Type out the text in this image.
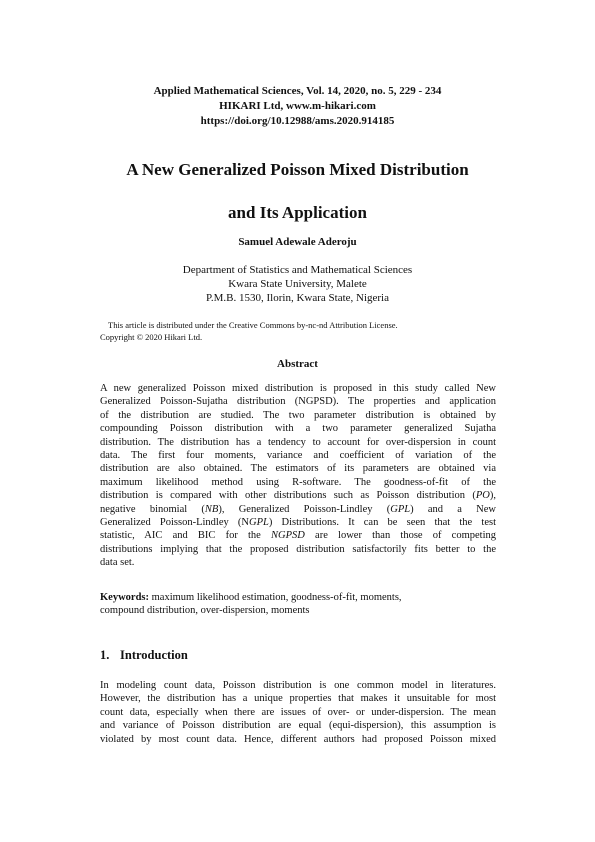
Applied Mathematical Sciences, Vol. 14, 2020, no. 5, 229 - 234
HIKARI Ltd, www.m-hikari.com
https://doi.org/10.12988/ams.2020.914185
A New Generalized Poisson Mixed Distribution
and Its Application
Samuel Adewale Aderoju
Department of Statistics and Mathematical Sciences
Kwara State University, Malete
P.M.B. 1530, Ilorin, Kwara State, Nigeria
This article is distributed under the Creative Commons by-nc-nd Attribution License.
Copyright © 2020 Hikari Ltd.
Abstract
A new generalized Poisson mixed distribution is proposed in this study called New
Generalized Poisson-Sujatha distribution (NGPSD). The properties and application
of the distribution are studied. The two parameter distribution is obtained by
compounding Poisson distribution with a two parameter generalized Sujatha
distribution. The distribution has a tendency to account for over-dispersion in count
data. The first four moments, variance and coefficient of variation of the
distribution are also obtained. The estimators of its parameters are obtained via
maximum likelihood method using R-software. The goodness-of-fit of the
distribution is compared with other distributions such as Poisson distribution (PO),
negative binomial (NB), Generalized Poisson-Lindley (GPL) and a New
Generalized Poisson-Lindley (NGPL) Distributions. It can be seen that the test
statistic, AIC and BIC for the NGPSD are lower than those of competing
distributions implying that the proposed distribution satisfactorily fits better to the
data set.
Keywords: maximum likelihood estimation, goodness-of-fit, moments,
compound distribution, over-dispersion, moments
1. Introduction
In modeling count data, Poisson distribution is one common model in literatures.
However, the distribution has a unique properties that makes it unsuitable for most
count data, especially when there are issues of over- or under-dispersion. The mean
and variance of Poisson distribution are equal (equi-dispersion), this assumption is
violated by most count data. Hence, different authors had proposed Poisson mixed
